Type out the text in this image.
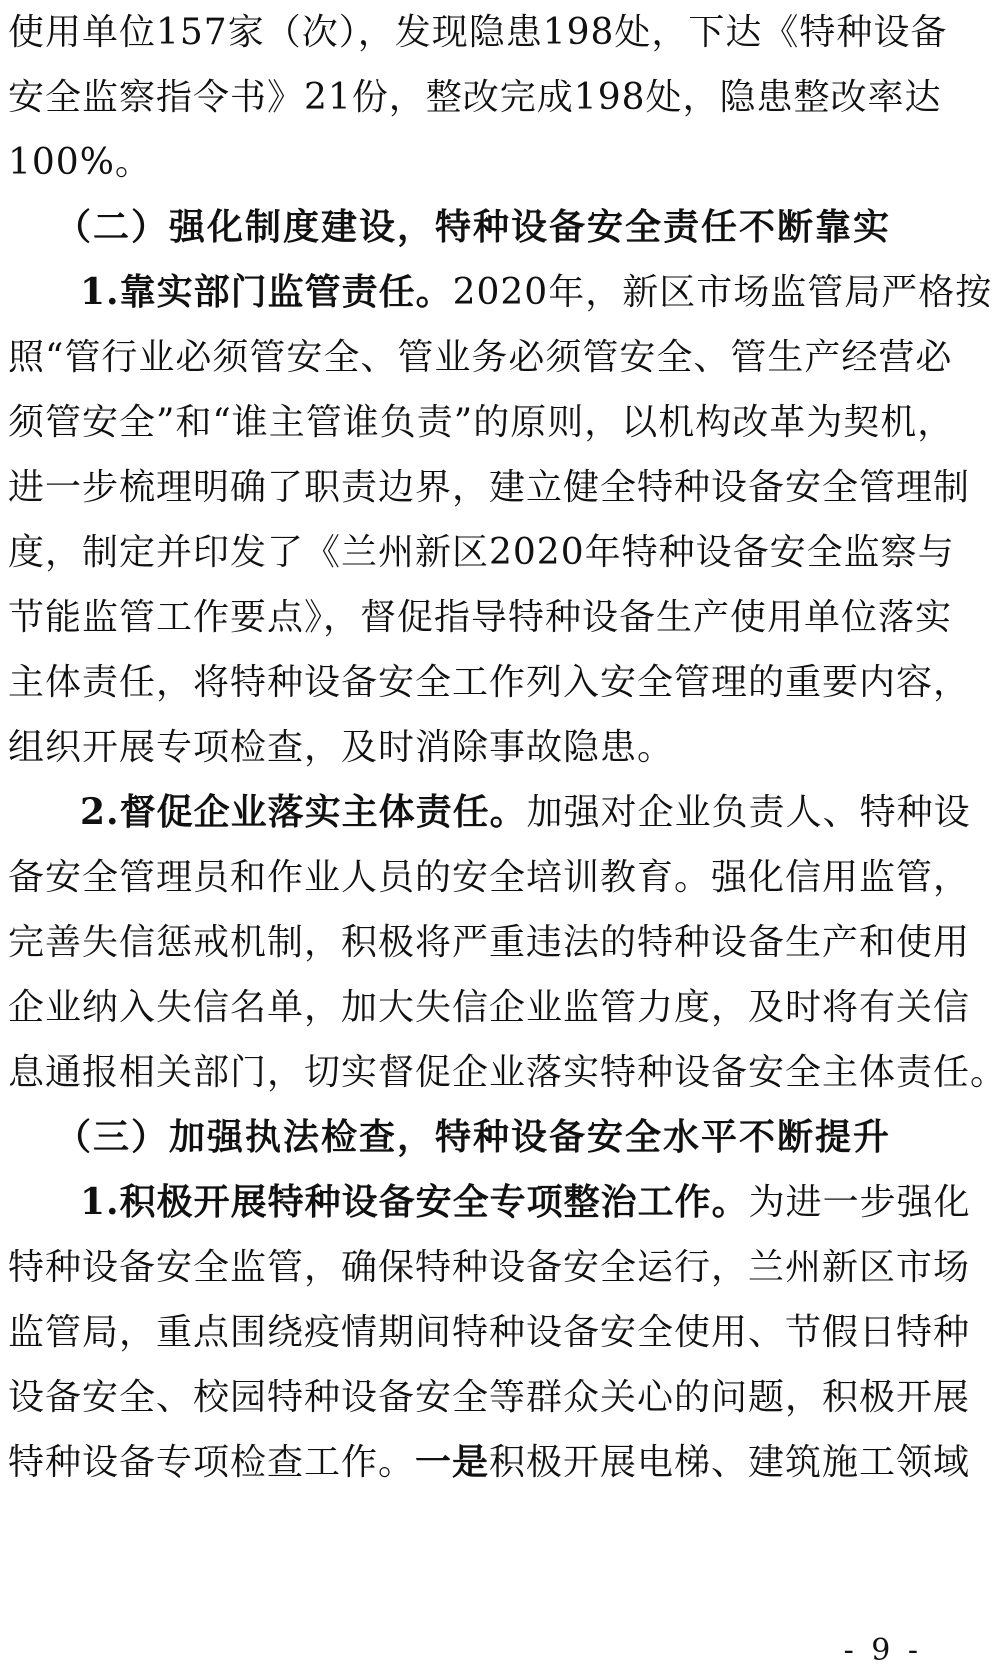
使用单位157家（次），发现隐患198处，下达《特种设备
安全监察指令书》21份，整改完成198处，隐患整改率达
100%。
（二）强化制度建设，特种设备安全责任不断靠实
1.靠实部门监管责任。2020年，新区市场监管局严格按
照“管行业必须管安全、管业务必须管安全、管生产经营必
须管安全”和“谁主管谁负责”的原则，以机构改革为契机，
进一步梳理明确了职责边界，建立健全特种设备安全管理制
度，制定并印发了《兰州新区2020年特种设备安全监察与
节能监管工作要点》，督促指导特种设备生产使用单位落实
主体责任，将特种设备安全工作列入安全管理的重要内容，
组织开展专项检查，及时消除事故隐患。
2.督促企业落实主体责任。加强对企业负责人、特种设
备安全管理员和作业人员的安全培训教育。强化信用监管，
完善失信惩戒机制，积极将严重违法的特种设备生产和使用
企业纳入失信名单，加大失信企业监管力度，及时将有关信
息通报相关部门，切实督促企业落实特种设备安全主体责任。
（三）加强执法检查，特种设备安全水平不断提升
1.积极开展特种设备安全专项整治工作。为进一步强化
特种设备安全监管，确保特种设备安全运行，兰州新区市场
监管局，重点围绕疫情期间特种设备安全使用、节假日特种
设备安全、校园特种设备安全等群众关心的问题，积极开展
特种设备专项检查工作。一是积极开展电梯、建筑施工领域
- 9 -
